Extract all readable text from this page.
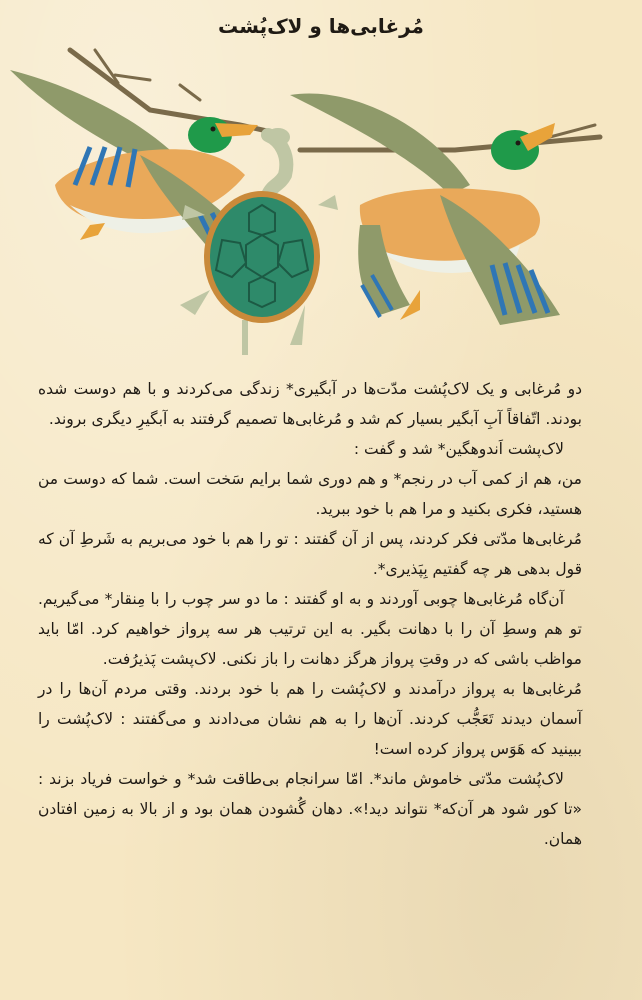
مُرغابی‌ها و لاک‌پُشت

دو مُرغابی و یک لاک‌پُشت مدّت‌ها در آبگیری* زندگی می‌کردند و با هم دوست شده بودند. اتّفاقاً آبِ آبگیر بسیار کم شد و مُرغابی‌ها تصمیم گرفتند به آبگیرِ دیگری بروند.

لاک‌پشت اَندوهگین* شد و گفت :

من، هم از کمی آب در رنجم* و هم دوری شما برایم سَخت است. شما که دوست من هستید، فکری بکنید و مرا هم با خود ببرید.

مُرغابی‌ها مدّتی فکر کردند، پس از آن گفتند : تو را هم با خود می‌بریم به شَرطِ آن که قول بدهی هر چه گفتیم بِپَذیری*.

آن‌گاه مُرغابی‌ها چوبی آوردند و به او گفتند : ما دو سر چوب را با مِنقار* می‌گیریم. تو هم وسطِ آن را با دهانت بگیر. به این ترتیب هر سه پرواز خواهیم کرد. امّا باید مواظب باشی که در وقتِ پرواز هرگز دهانت را باز نکنی. لاک‌پشت پَذیرُفت.

مُرغابی‌ها به پرواز درآمدند و لاک‌پُشت را هم با خود بردند. وقتی مردم آن‌ها را در آسمان دیدند تَعَجُّب کردند. آن‌ها را به هم نشان می‌دادند و می‌گفتند : لاک‌پُشت را ببینید که هَوَس پرواز کرده است!

لاک‌پُشت مدّتی خاموش ماند*. امّا سرانجام بی‌طاقت شد* و خواست فریاد بزند : «تا کور شود هر آن‌که* نتواند دید!». دهان گُشودن همان بود و از بالا به زمین افتادن همان.
